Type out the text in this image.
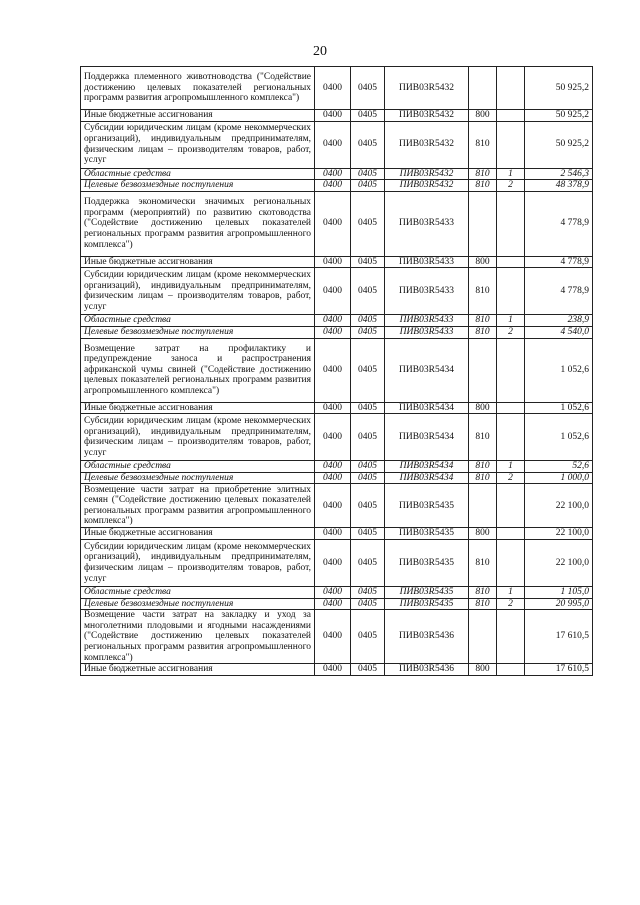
20
Поддержка племенного животноводства ("Содействие достижению целевых показателей региональных программ развития агропромышленного комплекса")	0400	0405	ПИВ03R5432			50 925,2
Иные бюджетные ассигнования	0400	0405	ПИВ03R5432	800		50 925,2
Субсидии юридическим лицам (кроме некоммерческих организаций), индивидуальным предпринимателям, физическим лицам – производителям товаров, работ, услуг	0400	0405	ПИВ03R5432	810		50 925,2
Областные средства	0400	0405	ПИВ03R5432	810	1	2 546,3
Целевые безвозмездные поступления	0400	0405	ПИВ03R5432	810	2	48 378,9
Поддержка экономически значимых региональных программ (мероприятий) по развитию скотоводства ("Содействие достижению целевых показателей региональных программ развития агропромышленного комплекса")	0400	0405	ПИВ03R5433			4 778,9
Иные бюджетные ассигнования	0400	0405	ПИВ03R5433	800		4 778,9
Субсидии юридическим лицам (кроме некоммерческих организаций), индивидуальным предпринимателям, физическим лицам – производителям товаров, работ, услуг	0400	0405	ПИВ03R5433	810		4 778,9
Областные средства	0400	0405	ПИВ03R5433	810	1	238,9
Целевые безвозмездные поступления	0400	0405	ПИВ03R5433	810	2	4 540,0
Возмещение затрат на профилактику и предупреждение заноса и распространения африканской чумы свиней ("Содействие достижению целевых показателей региональных программ развития агропромышленного комплекса")	0400	0405	ПИВ03R5434			1 052,6
Иные бюджетные ассигнования	0400	0405	ПИВ03R5434	800		1 052,6
Субсидии юридическим лицам (кроме некоммерческих организаций), индивидуальным предпринимателям, физическим лицам – производителям товаров, работ, услуг	0400	0405	ПИВ03R5434	810		1 052,6
Областные средства	0400	0405	ПИВ03R5434	810	1	52,6
Целевые безвозмездные поступления	0400	0405	ПИВ03R5434	810	2	1 000,0
Возмещение части затрат на приобретение элитных семян ("Содействие достижению целевых показателей региональных программ развития агропромышленного комплекса")	0400	0405	ПИВ03R5435			22 100,0
Иные бюджетные ассигнования	0400	0405	ПИВ03R5435	800		22 100,0
Субсидии юридическим лицам (кроме некоммерческих организаций), индивидуальным предпринимателям, физическим лицам – производителям товаров, работ, услуг	0400	0405	ПИВ03R5435	810		22 100,0
Областные средства	0400	0405	ПИВ03R5435	810	1	1 105,0
Целевые безвозмездные поступления	0400	0405	ПИВ03R5435	810	2	20 995,0
Возмещение части затрат на закладку и уход за многолетними плодовыми и ягодными насаждениями ("Содействие достижению целевых показателей региональных программ развития агропромышленного комплекса")	0400	0405	ПИВ03R5436			17 610,5
Иные бюджетные ассигнования	0400	0405	ПИВ03R5436	800		17 610,5
